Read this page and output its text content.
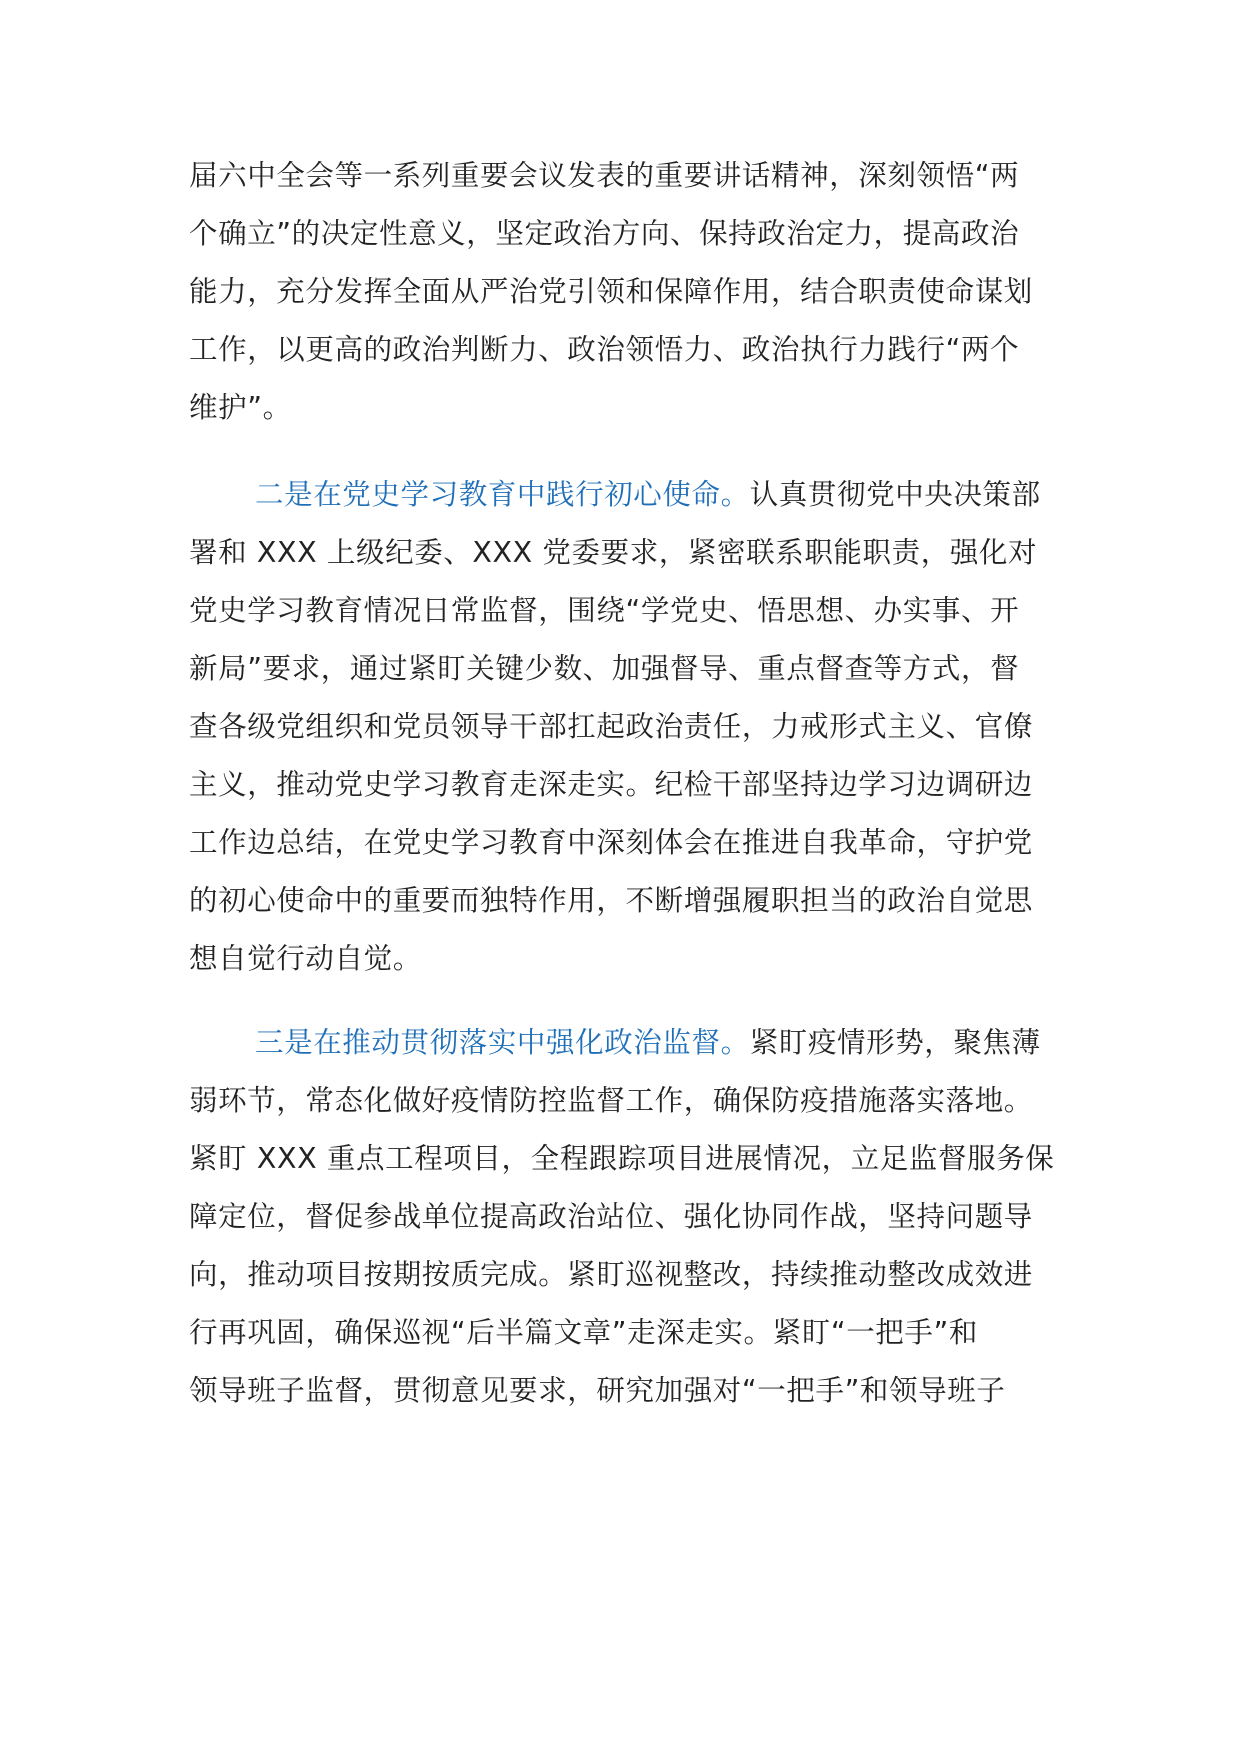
届六中全会等一系列重要会议发表的重要讲话精神，深刻领悟“两
个确立”的决定性意义，坚定政治方向、保持政治定力，提高政治
能力，充分发挥全面从严治党引领和保障作用，结合职责使命谋划
工作，以更高的政治判断力、政治领悟力、政治执行力践行“两个
维护”。
二是在党史学习教育中践行初心使命。认真贯彻党中央决策部
署和 XXX 上级纪委、XXX 党委要求，紧密联系职能职责，强化对
党史学习教育情况日常监督，围绕“学党史、悟思想、办实事、开
新局”要求，通过紧盯关键少数、加强督导、重点督查等方式，督
查各级党组织和党员领导干部扛起政治责任，力戒形式主义、官僚
主义，推动党史学习教育走深走实。纪检干部坚持边学习边调研边
工作边总结，在党史学习教育中深刻体会在推进自我革命，守护党
的初心使命中的重要而独特作用，不断增强履职担当的政治自觉思
想自觉行动自觉。
三是在推动贯彻落实中强化政治监督。紧盯疫情形势，聚焦薄
弱环节，常态化做好疫情防控监督工作，确保防疫措施落实落地。
紧盯 XXX 重点工程项目，全程跟踪项目进展情况，立足监督服务保
障定位，督促参战单位提高政治站位、强化协同作战，坚持问题导
向，推动项目按期按质完成。紧盯巡视整改，持续推动整改成效进
行再巩固，确保巡视“后半篇文章”走深走实。紧盯“一把手”和
领导班子监督，贯彻意见要求，研究加强对“一把手”和领导班子
